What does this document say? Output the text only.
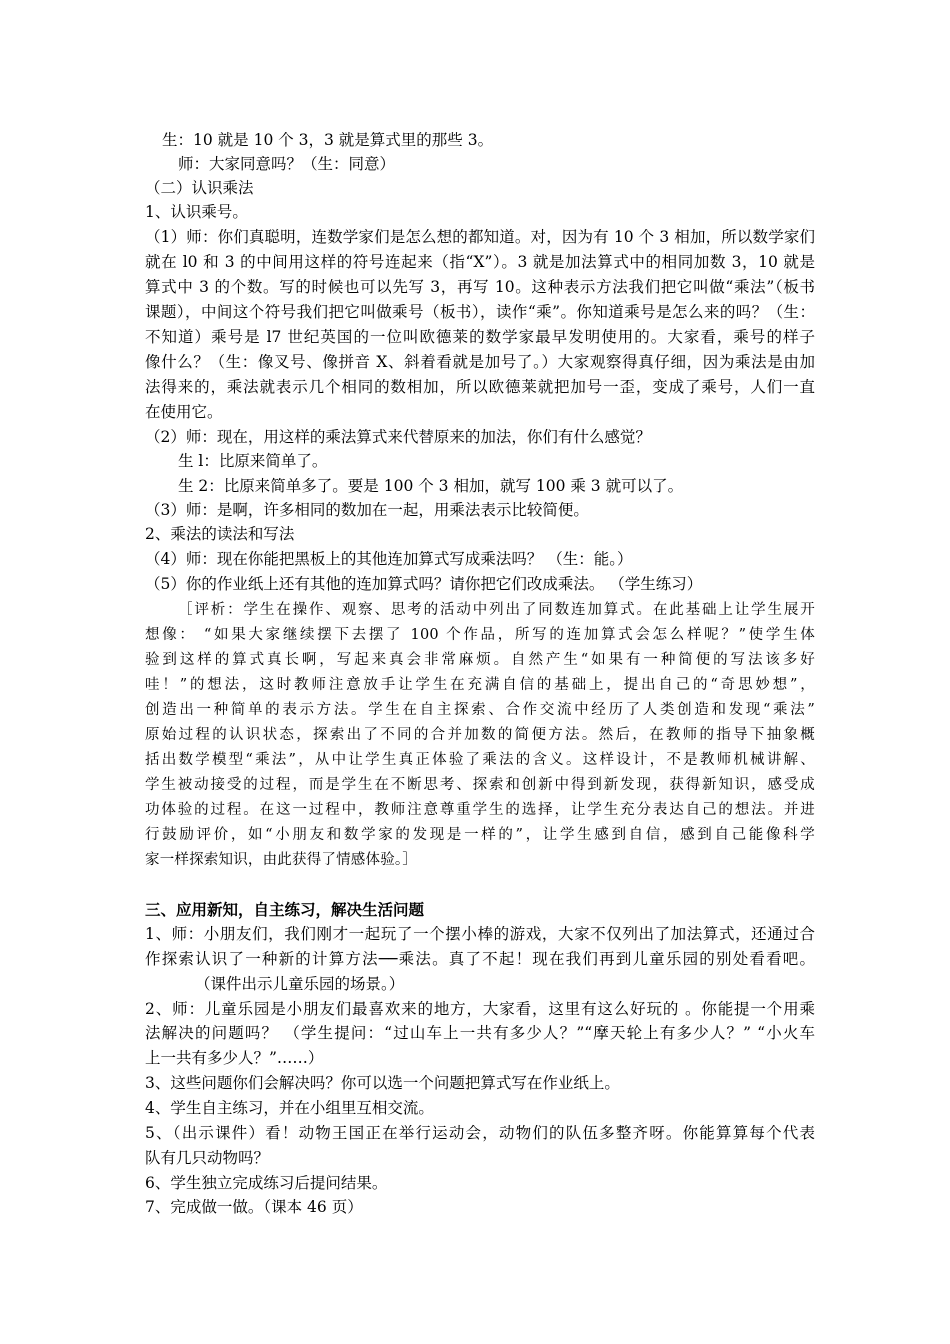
生：10 就是 10 个 3，3 就是算式里的那些 3。
师：大家同意吗？（生：同意）
（二）认识乘法
1、认识乘号。
（1）师：你们真聪明，连数学家们是怎么想的都知道。对，因为有 10 个 3 相加，所以数学家们
就在 l0 和 3 的中间用这样的符号连起来（指“X”）。3 就是加法算式中的相同加数 3，10 就是
算式中 3 的个数。写的时候也可以先写 3，再写 10。这种表示方法我们把它叫做“乘法”（板书
课题），中间这个符号我们把它叫做乘号（板书），读作“乘”。你知道乘号是怎么来的吗？（生：
不知道）乘号是 l7 世纪英国的一位叫欧德莱的数学家最早发明使用的。大家看，乘号的样子
像什么？（生：像叉号、像拼音 X、斜着看就是加号了。）大家观察得真仔细，因为乘法是由加
法得来的，乘法就表示几个相同的数相加，所以欧德莱就把加号一歪，变成了乘号，人们一直
在使用它。
（2）师：现在，用这样的乘法算式来代替原来的加法，你们有什么感觉？
生 l：比原来简单了。
生 2：比原来简单多了。要是 100 个 3 相加，就写 100 乘 3 就可以了。
（3）师：是啊，许多相同的数加在一起，用乘法表示比较简便。
2、乘法的读法和写法
（4）师：现在你能把黑板上的其他连加算式写成乘法吗？ （生：能。）
（5）你的作业纸上还有其他的连加算式吗？请你把它们改成乘法。 （学生练习）
［评析：学生在操作、观察、思考的活动中列出了同数连加算式。在此基础上让学生展开
想像： “如果大家继续摆下去摆了 100 个作品，所写的连加算式会怎么样呢？”使学生体
验到这样的算式真长啊，写起来真会非常麻烦。自然产生“如果有一种简便的写法该多好
哇！”的想法，这时教师注意放手让学生在充满自信的基础上，提出自己的“奇思妙想”，
创造出一种简单的表示方法。学生在自主探索、合作交流中经历了人类创造和发现“乘法”
原始过程的认识状态，探索出了不同的合并加数的简便方法。然后，在教师的指导下抽象概
括出数学模型“乘法”，从中让学生真正体验了乘法的含义。这样设计，不是教师机械讲解、
学生被动接受的过程，而是学生在不断思考、探索和创新中得到新发现，获得新知识，感受成
功体验的过程。在这一过程中，教师注意尊重学生的选择，让学生充分表达自己的想法。并进
行鼓励评价，如“小朋友和数学家的发现是一样的”，让学生感到自信，感到自己能像科学
家一样探索知识，由此获得了情感体验。］
三、应用新知，自主练习，解决生活问题
1、师：小朋友们，我们刚才一起玩了一个摆小棒的游戏，大家不仅列出了加法算式，还通过合
作探索认识了一种新的计算方法──乘法。真了不起！现在我们再到儿童乐园的别处看看吧。
（课件出示儿童乐园的场景。）
2、师：儿童乐园是小朋友们最喜欢来的地方，大家看，这里有这么好玩的 。你能提一个用乘
法解决的问题吗？ （学生提问：“过山车上一共有多少人？”“摩天轮上有多少人？” “小火车
上一共有多少人？”……）
3、这些问题你们会解决吗？你可以选一个问题把算式写在作业纸上。
4、学生自主练习，并在小组里互相交流。
5、（出示课件）看！动物王国正在举行运动会，动物们的队伍多整齐呀。你能算算每个代表
队有几只动物吗？
6、学生独立完成练习后提问结果。
7、完成做一做。（课本 46 页）
